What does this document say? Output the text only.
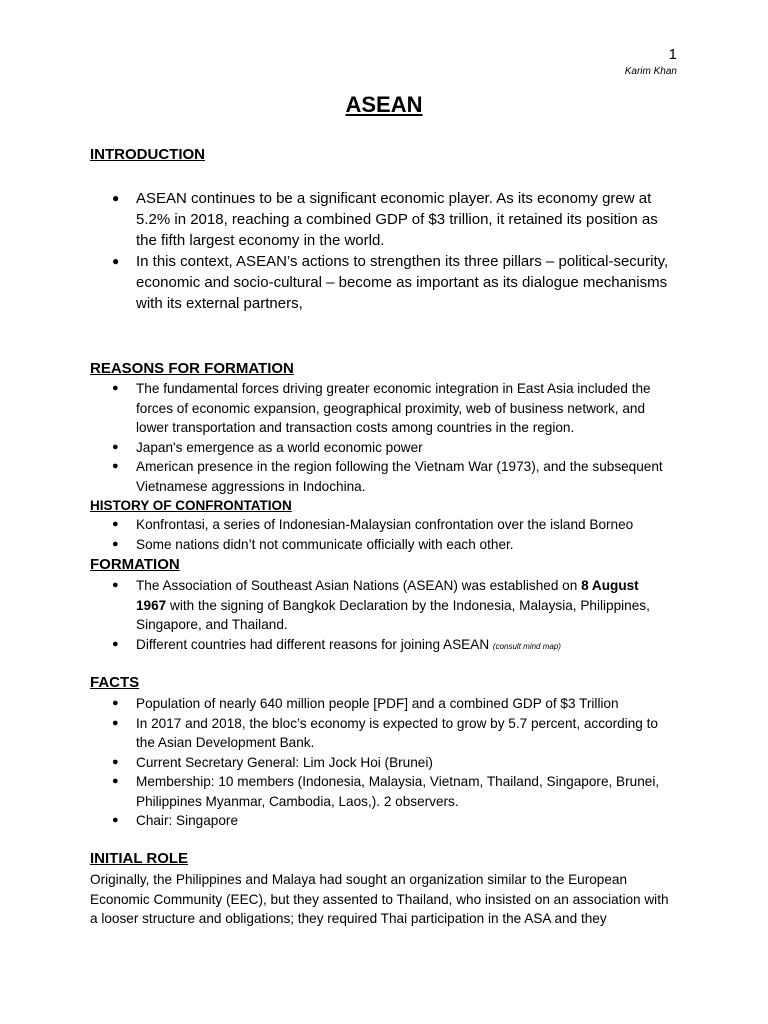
1
Karim Khan
ASEAN
INTRODUCTION
● ASEAN continues to be a significant economic player. As its economy grew at 5.2% in 2018, reaching a combined GDP of $3 trillion, it retained its position as the fifth largest economy in the world.
● In this context, ASEAN’s actions to strengthen its three pillars – political-security, economic and socio-cultural – become as important as its dialogue mechanisms with its external partners,
REASONS FOR FORMATION
● The fundamental forces driving greater economic integration in East Asia included the forces of economic expansion, geographical proximity, web of business network, and lower transportation and transaction costs among countries in the region.
● Japan's emergence as a world economic power
● American presence in the region following the Vietnam War (1973), and the subsequent Vietnamese aggressions in Indochina.
HISTORY OF CONFRONTATION
● Konfrontasi, a series of Indonesian-Malaysian confrontation over the island Borneo
● Some nations didn’t not communicate officially with each other.
FORMATION
● The Association of Southeast Asian Nations (ASEAN) was established on 8 August 1967 with the signing of Bangkok Declaration by the Indonesia, Malaysia, Philippines, Singapore, and Thailand.
● Different countries had different reasons for joining ASEAN (consult mind map)
FACTS
● Population of nearly 640 million people [PDF] and a combined GDP of $3 Trillion
● In 2017 and 2018, the bloc’s economy is expected to grow by 5.7 percent, according to the Asian Development Bank.
● Current Secretary General: Lim Jock Hoi (Brunei)
● Membership: 10 members (Indonesia, Malaysia, Vietnam, Thailand, Singapore, Brunei, Philippines Myanmar, Cambodia, Laos,). 2 observers.
● Chair: Singapore
INITIAL ROLE

Originally, the Philippines and Malaya had sought an organization similar to the European Economic Community (EEC), but they assented to Thailand, who insisted on an association with a looser structure and obligations; they required Thai participation in the ASA and they
